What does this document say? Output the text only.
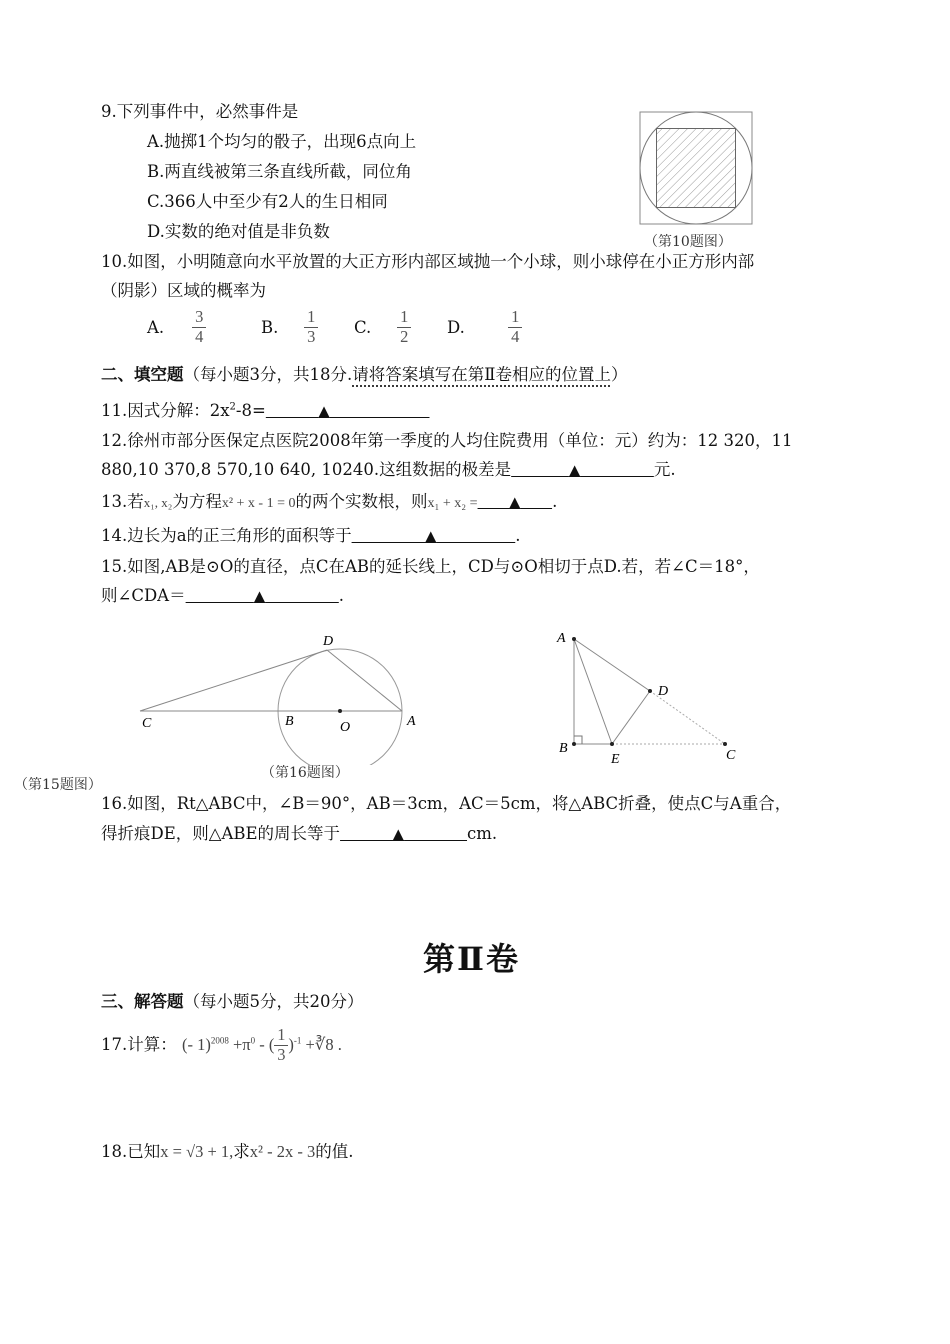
9.下列事件中，必然事件是
A.抛掷1个均匀的骰子，出现6点向上
B.两直线被第三条直线所截，同位角
C.366人中至少有2人的生日相同
D.实数的绝对值是非负数
（第10题图）
10.如图，小明随意向水平放置的大正方形内部区域抛一个小球，则小球停在小正方形内部
（阴影）区域的概率为
A. $\frac{3}{4}$	B. $\frac{1}{3} C$. $\frac{1}{2} D$.	$\frac{1}{4}$
二、填空题（每小题3分，共18分.请将答案填写在第Ⅱ卷相应的位置上）
11.因式分解：$2x^2-8=$	▲
12.徐州市部分医保定点医院2008年第一季度的人均住院费用（单位：元）约为：12 320，11
880,10 370,8 570,10 640, 10240.这组数据的极差是	▲	元.
13.若x₁, x₂为方程x² + x - 1 = 0的两个实数根，则x₁ + x₂ = ▲ .
14.边长为a的正三角形的面积等于	▲	.
15.如图,AB是⊙O的直径，点C在AB的延长线上，CD与⊙O相切于点D.若，若∠C＝18°，
则∠CDA＝	▲	.
C	B	O	A
D	A
B
E	C
D
（第16题图）
（第15题图）
16.如图，Rt△ABC中，∠B＝90°，AB＝3cm，AC＝5cm，将△ABC折叠，使点C与A重合，
得折痕DE，则△ABE的周长等于	▲	cm.
第Ⅱ卷
三、解答题（每小题5分，共20分）
17.计算： (- $1)^{2008} +\pi^0$ - ( $\frac{1}{3} )^{-1}$ +∛8 .
18.已知x = √3 + 1,求x² - 2x - 3的值.
